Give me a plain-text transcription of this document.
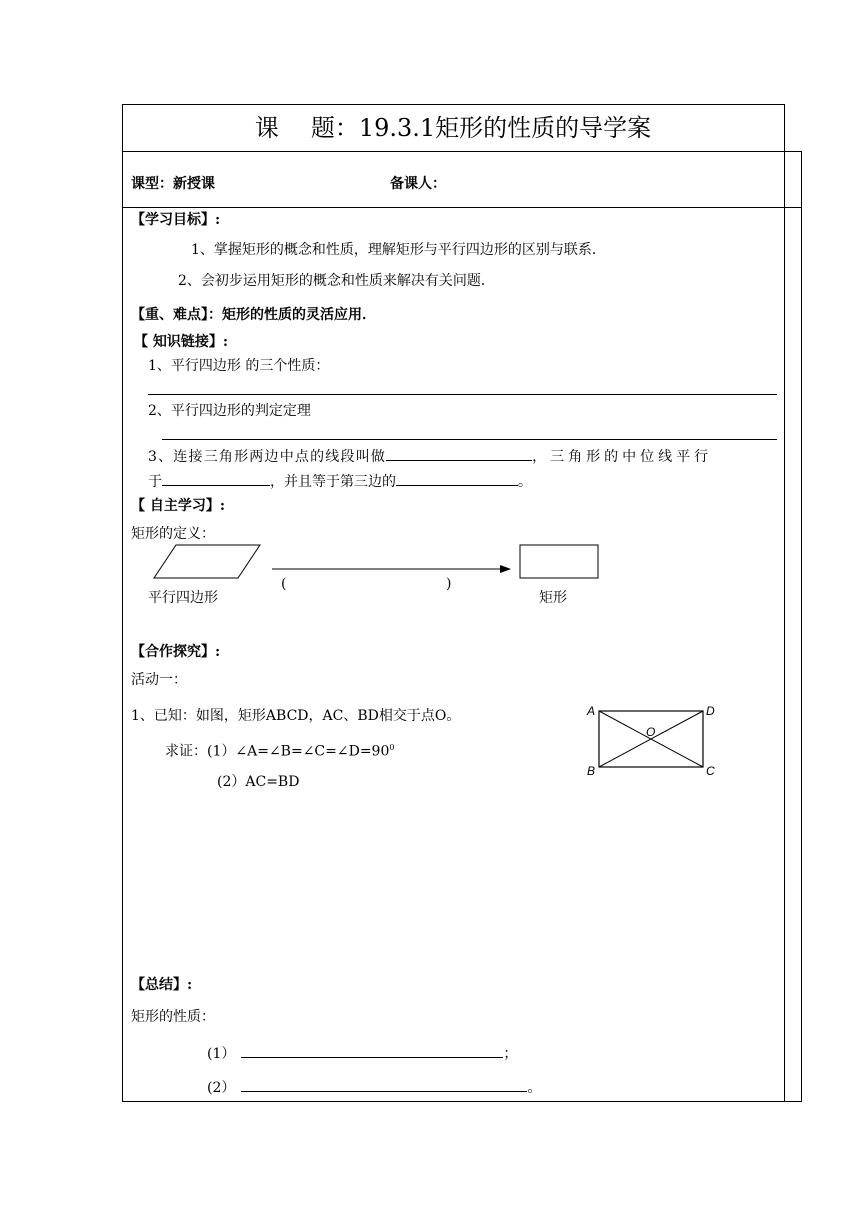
课 题：19.3.1矩形的性质的导学案
课型：新授课	备课人：
【学习目标】:
1、掌握矩形的概念和性质，理解矩形与平行四边形的区别与联系．
2、会初步运用矩形的概念和性质来解决有关问题．
【重、难点】：矩形的性质的灵活应用．
【 知识链接】:
1、平行四边形 的三个性质：
2、平行四边形的判定定理
3、连接三角形两边中点的线段叫做	，三角形的中位线平行
于	，并且等于第三边的	。
【 自主学习】:
矩形的定义：
平行四边形
(	)
矩形
【合作探究】:
活动一：
1、已知：如图，矩形ABCD，AC、BD相交于点O。
求证：$(1)\angle A=\angle B=\angle C=\angle D=90^0$
(2）AC=BD
A
B	C
D
O
【总结】:
矩形的性质：
(1）	；
(2）	。
